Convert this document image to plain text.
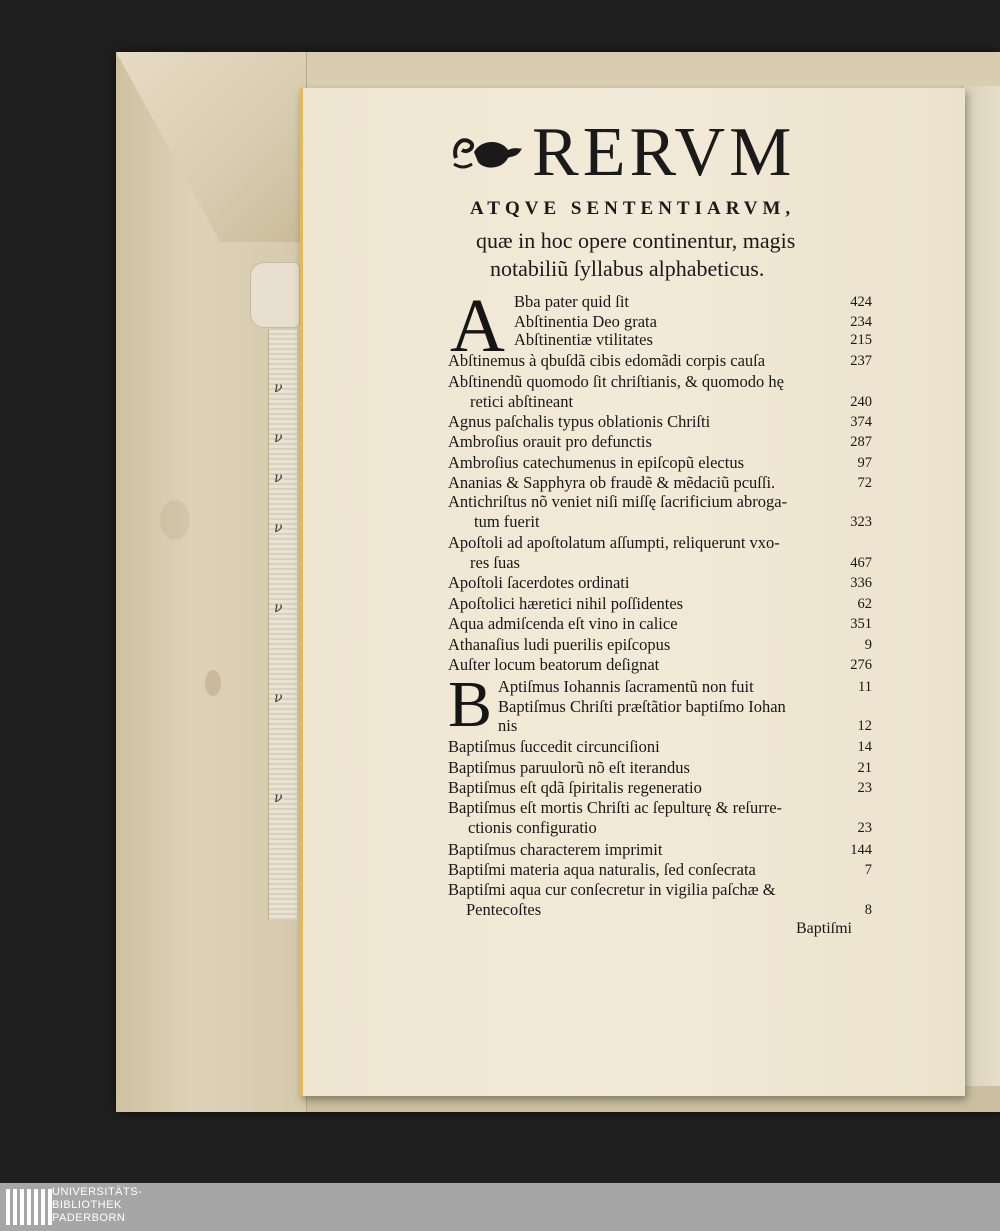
ν
ν
ν
ν
ν
ν
ν
RERVM
ATQVE SENTENTIARVM,
quæ in hoc opere continentur, magis
notabiliũ ſyllabus alphabeticus.
A Bba pater quid ſit	424
Abſtinentia Deo grata	234
Abſtinentiæ vtilitates	215
Abſtinemus à qbuſdã cibis edomãdi corpis cauſa	237
Abſtinendũ quomodo ſit chriſtianis, & quomodo hę
retici abſtineant	240
Agnus paſchalis typus oblationis Chriſti	374
Ambroſius orauit pro defunctis	287
Ambroſius catechumenus in epiſcopũ electus	97
Ananias & Sapphyra ob fraudẽ & mẽdaciũ pcuſſi.	72
Antichriſtus nõ veniet niſi miſſę ſacrificium abroga-
tum fuerit	323
Apoſtoli ad apoſtolatum aſſumpti, reliquerunt vxo-
res ſuas	467
Apoſtoli ſacerdotes ordinati	336
Apoſtolici hæretici nihil poſſidentes	62
Aqua admiſcenda eſt vino in calice	351
Athanaſius ludi puerilis epiſcopus	9
Auſter locum beatorum deſignat	276
B Aptiſmus Iohannis ſacramentũ non fuit	11
Baptiſmus Chriſti præſtãtior baptiſmo Iohan
nis	12
Baptiſmus ſuccedit circunciſioni	14
Baptiſmus paruulorũ nõ eſt iterandus	21
Baptiſmus eſt qdã ſpiritalis regeneratio	23
Baptiſmus eſt mortis Chriſti ac ſepulturę & reſurre-
ctionis configuratio	23
Baptiſmus characterem imprimit	144
Baptiſmi materia aqua naturalis, ſed conſecrata	7
Baptiſmi aqua cur conſecretur in vigilia paſchæ &
Pentecoſtes	8
Baptiſmi
UNIVERSITÄTS-
BIBLIOTHEK
PADERBORN
